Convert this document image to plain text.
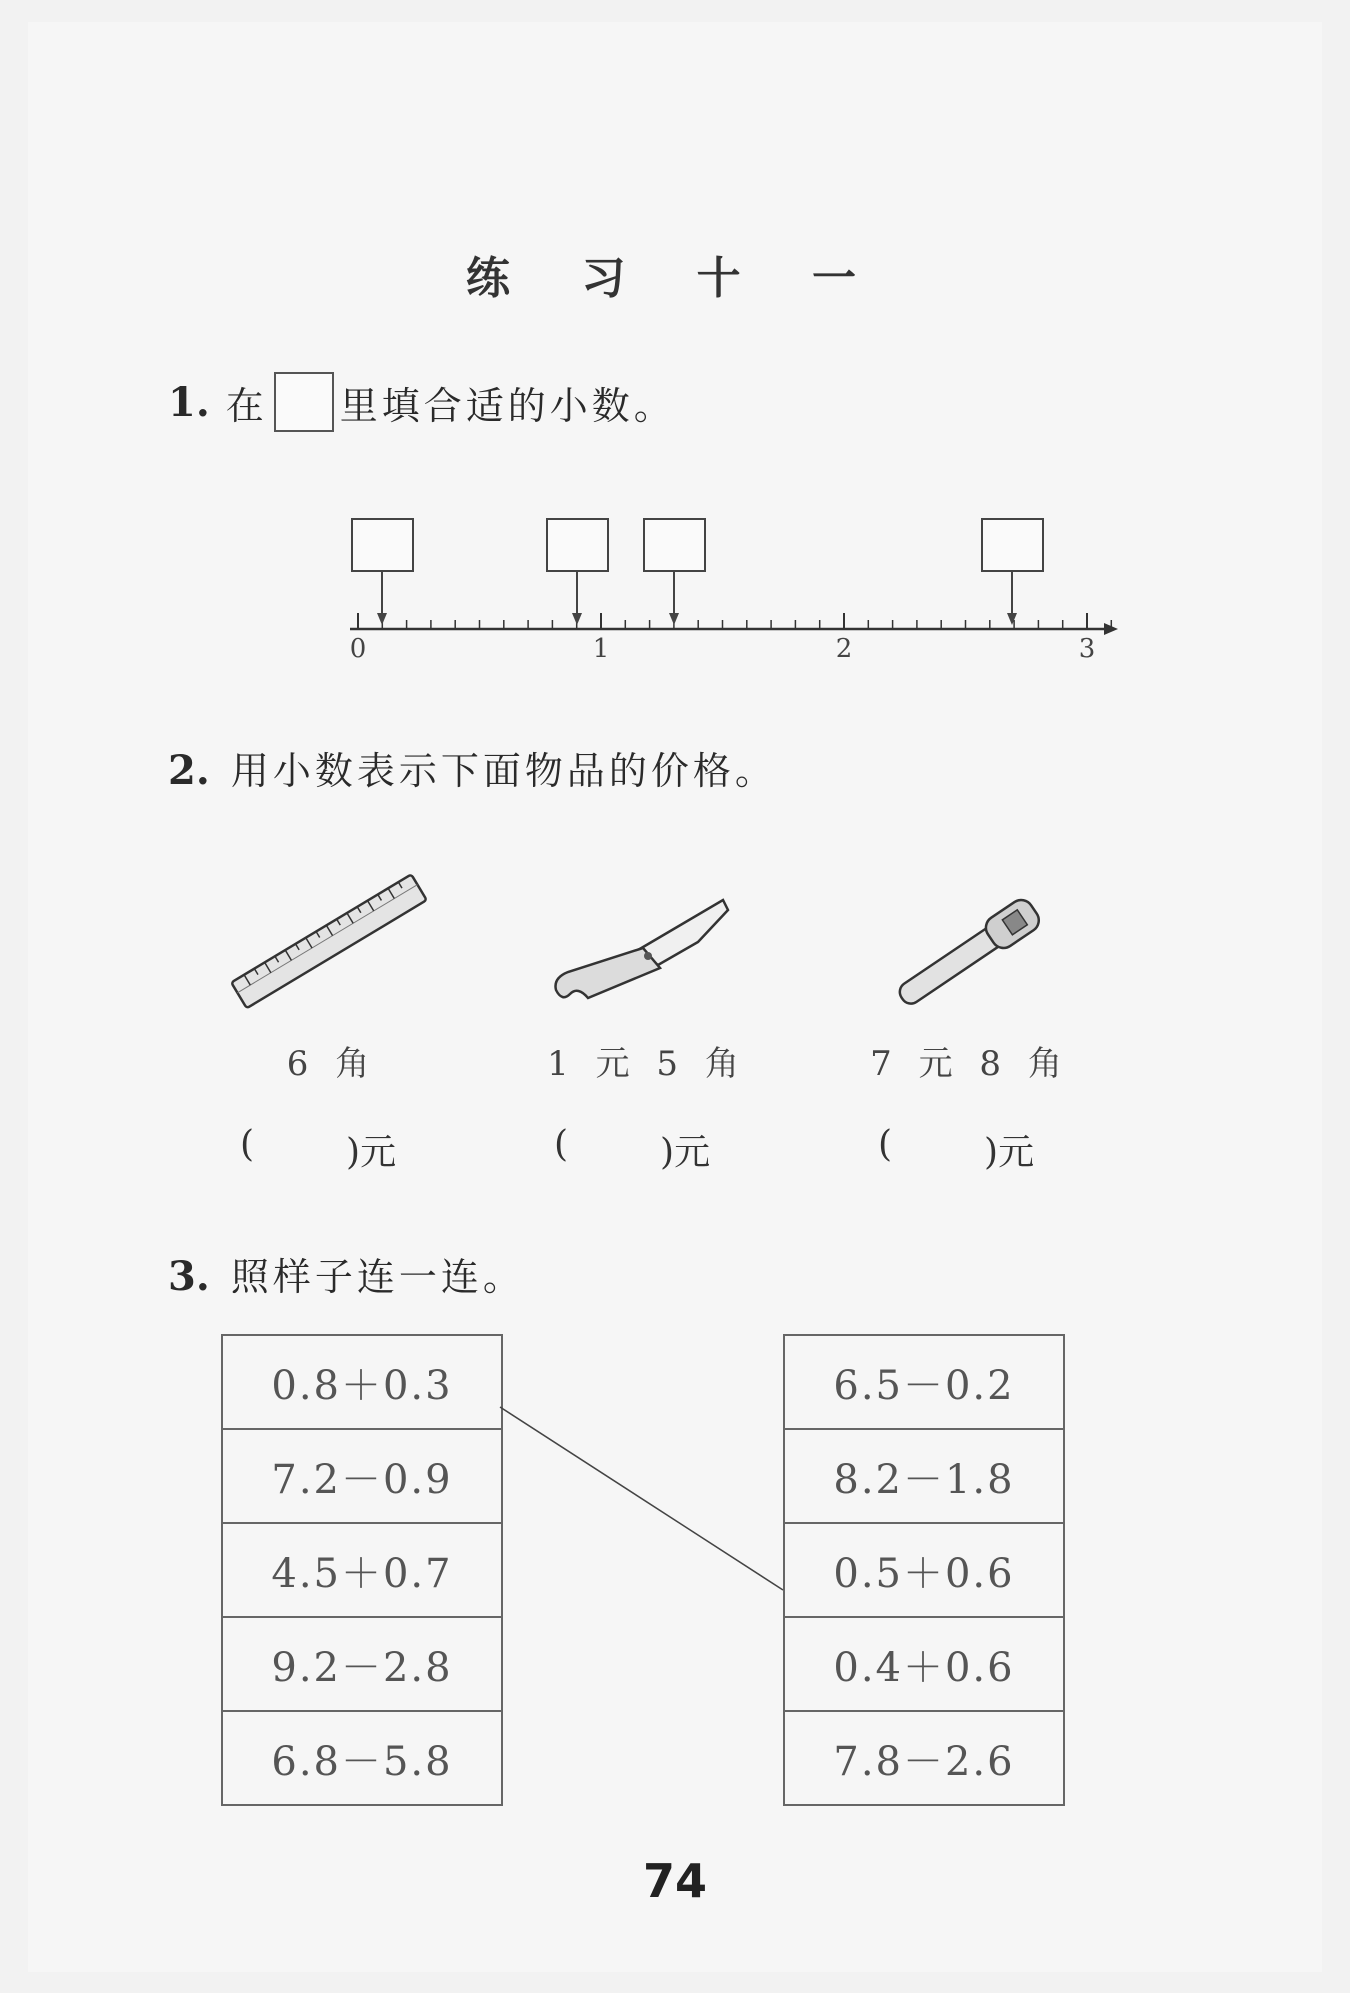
练 习 十 一
1. 在 里填合适的小数。
0	1	2	3
2. 用小数表示下面物品的价格。
6 角	1 元 5 角	7 元 8 角
(	)元	(	)元	(	)元
3. 照样子连一连。
0.8＋0.3
7.2－0.9
4.5＋0.7
9.2－2.8
6.8－5.8
6.5－0.2
8.2－1.8
0.5＋0.6
0.4＋0.6
7.8－2.6
74
